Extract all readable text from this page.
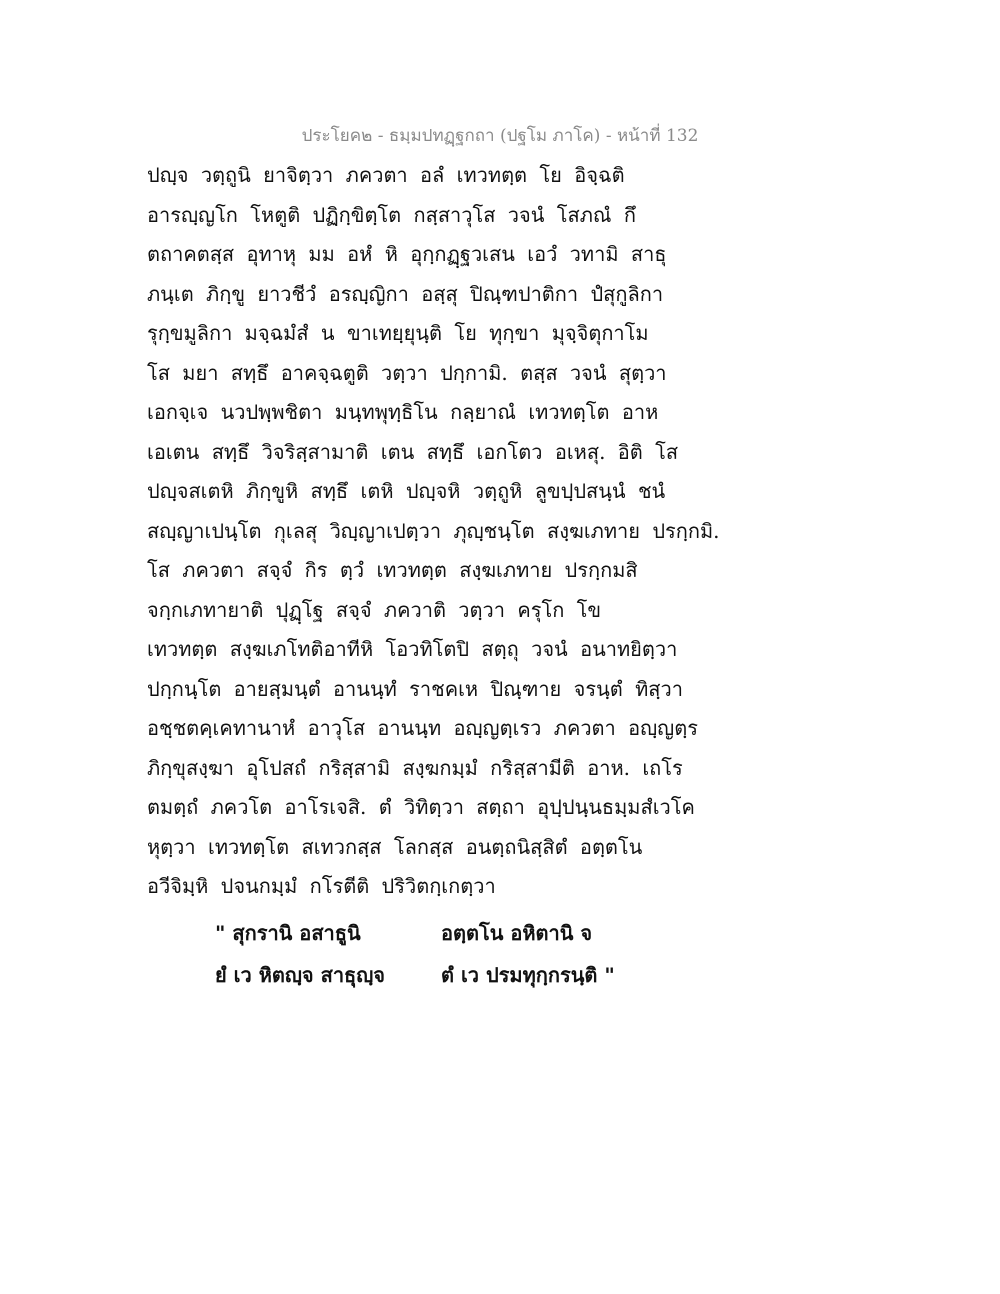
ประโยค๒ - ธมฺมปทฏฺฐกถา (ปฐโม ภาโค) - หน้าที่ 132
ปญฺจ วตฺถูนิ ยาจิตฺวา ภควตา อลํ เทวทตฺต โย อิจฺฉติ
อารญฺญโก โหตูติ ปฏิกฺขิตฺโต กสฺสาวุโส วจนํ โสภณํ กึ
ตถาคตสฺส อุทาหุ มม อหํ หิ อุกฺกฏฺฐวเสน เอวํ วทามิ สาธุ
ภนฺเต ภิกฺขู ยาวชีวํ อรญฺญิกา อสฺสุ ปิณฺฑปาติกา ปํสุกูลิกา
รุกฺขมูลิกา มจฺฉมํสํ น ขาเทยฺยุนฺติ โย ทุกฺขา มุจฺจิตุกาโม
โส มยา สทฺธึ อาคจฺฉตูติ วตฺวา ปกฺกามิ. ตสฺส วจนํ สุตฺวา
เอกจฺเจ นวปพฺพชิตา มนฺทพุทฺธิโน กลฺยาณํ เทวทตฺโต อาห
เอเตน สทฺธึ วิจริสฺสามาติ เตน สทฺธึ เอกโตว อเหสุ. อิติ โส
ปญฺจสเตหิ ภิกฺขูหิ สทฺธึ เตหิ ปญฺจหิ วตฺถูหิ ลูขปฺปสนฺนํ ชนํ
สญฺญาเปนฺโต กุเลสุ วิญฺญาเปตฺวา ภุญฺชนฺโต สงฺฆเภทาย ปรกฺกมิ.
โส ภควตา สจฺจํ กิร ตฺวํ เทวทตฺต สงฺฆเภทาย ปรกฺกมสิ
จกฺกเภทายาติ ปุฏฺโฐ สจฺจํ ภควาติ วตฺวา ครุโก โข
เทวทตฺต สงฺฆเภโทติอาทีหิ โอวทิโตปิ สตฺถุ วจนํ อนาทยิตฺวา
ปกฺกนฺโต อายสฺมนฺตํ อานนฺทํ ราชคเห ปิณฺฑาย จรนฺตํ ทิสฺวา
อชฺชตคฺเคทานาหํ อาวุโส อานนฺท อญฺญตฺเรว ภควตา อญฺญตฺร
ภิกฺขุสงฺฆา อุโปสถํ กริสฺสามิ สงฺฆกมฺมํ กริสฺสามีติ อาห. เถโร
ตมตฺถํ ภควโต อาโรเจสิ. ตํ วิทิตฺวา สตฺถา อุปฺปนฺนธมฺมสํเวโค
หุตฺวา เทวทตฺโต สเทวกสฺส โลกสฺส อนตฺถนิสฺสิตํ อตฺตโน
อวีจิมฺหิ ปจนกมฺมํ กโรตีติ ปริวิตกฺเกตฺวา
" สุกรานิ อสาธูนิ	อตฺตโน อหิตานิ จ
ยํ เว หิตญฺจ สาธุญฺจ	ตํ เว ปรมทุกฺกรนฺติ "
